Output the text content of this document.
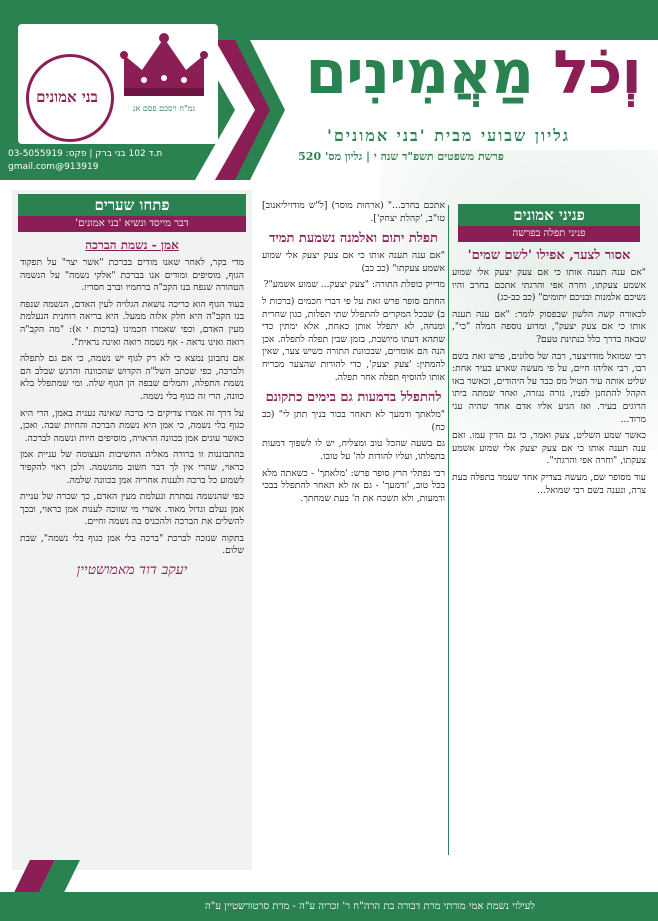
בני אמונים
גמ"ח ויסכם פסם אנ
וְכֹל מַאֲמִינִים
גליון שבועי מבית 'בני אמונים'
פרשת משפטים תשפ"ד שנה י | גליון מס' 520
ת.ד 102 בני ברק | פקס: 03-5055919
913919@gmail.com
פניני אמונים
פניני תפלה בפרשה
אסור לצער, אפילו 'לשם שמים'

"אם ענה תענה אותו כי אם צעק יצעק אלי שמוע אשמע צעקתו, וחרה אפי והרגתי אתכם בחרב והיו נשיכם אלמנות ובניכם יתומים" (כב כב-כג)

לכאורה קשה הלשון שבפסוק לומר: "אם ענה תענה אותו כי אם צעק יצעק", ומדוע נוספה המלה "כי", שבאה בדרך כלל כנתינת טעם?

רבי שמואל מודזיצער, רבה של סלונים, פרש זאת בשם רבו, רבי אליהו חיים, על פי מעשה שארע בעיר אחת: שליט אותה עיר הטיל מס כבד על היהודים, וכאשר באו הקהל להתחנן לפניו, גזרה נגזרה, ואחד שמתה ביתו הרוגים בעיר. ואז הגיע אליו אדם אחד שהיה עני מרוד...

כאשר שמע השליט, צעק ואמר, כי גם הדין עמו. ואם ענה תענה אותו כי אם צעק יצעק אלי שמוע אשמע צעקתו, "וחרה אפי והרגתי".

עוד מסופר שם, מעשה בצדיק אחד שעמד בתפלה בעת צרה, ונענה בשם רבי שמואל...

אתכם בחרב..." (ארחות מוסר) [ל"ש מודזיליאנוב] טו"ב, 'קהלת יצחק'].

תפלת יתום ואלמנה נשמעת תמיד

"אם ענה תענה אותו כי אם צעק יצעק אלי שמוע אשמע צעקתו" (כב כב)

מדייק כופלת התורה: "צעק יצעק... שמוע אשמע"?

החתם סופר פרש זאת על פי דברי חכמים (ברכות ל ב) שבכל המקרים להתפלל שתי תפלות, כגון שחרית ומנחה, לא יתפלל אותן כאחת, אלא ימתין כדי שתהא דעתו מיושבת, בזמן שבין תפלה לתפלה. אכן הנה הם אומרים, שבכוונת התורה כשיש צער, שאין להמתין: 'צעק יצעק', כדי להורות שהצער מכריח אותו להוסיף תפלה אחר תפלה.

להתפלל בדמעות גם בימים כתקונם

"מלאתך ודמעך לא תאחר בכור בניך תתן לי" (כב כח)

גם בשעה שהכל טוב ומצליח, יש לו לשפוך דמעות בתפלתו, ועליו להודות לה' על טובו.

רבי נפתלי הרץ סופר פרש: 'מלאתך' - כשאתה מלא בכל טוב, 'ודמעך' - גם אז לא תאחר להתפלל בבכי ודמעות, ולא תשכח את ה' בעת שמחתך.

פתחו שערים
דבר מייסד ונשיא 'בני אמונים'
אמן - נשמת הברכה

מדי בקר, לאחר שאנו מודים בברכת "אשר יצר" על תפקוד הגוף, מוסיפים ומודים אנו בברכת "אלקי נשמה" על הנשמה הטהורה שנפח בנו הקב"ה ברחמיו וברב חסדיו.

בעוד הגוף הוא כריכה נושאת הגלויה לעין האדם, הנשמה שנפח בנו הקב"ה היא חלק אלוה ממעל. היא בריאה רוחנית הנעלמת מעין האדם, וכפי שאמרו חכמינו (ברכות י א): "מה הקב"ה רואה ואינו נראה - אף נשמה רואה ואינה נראית".

אם נתבונן נמצא כי לא רק לגוף יש נשמה, כי אם גם לתפלה ולברכה, כפי שכתב השל"ה הקדוש שהכוונה והרגש שבלב הם נשמת התפלה, והמלים שבפה הן הגוף שלה. ומי שמתפלל בלא כוונה, הרי זה כגוף בלי נשמה.

על דרך זה אמרו צדיקים כי ברכה שאינה נענית באמן, הרי היא כגוף בלי נשמה, כי אמן היא נשמת הברכה והחיות שבה. ואכן, כאשר עונים אמן בכוונה הראויה, מוסיפים חיות ונשמה לברכה.

בהתבוננות זו ברורה מאליה החשיבות העצומה של עניית אמן כראוי, שהרי אין לך דבר חשוב מהנשמה. ולכן ראוי להקפיד לשמוע כל ברכה ולענות אחריה אמן בכוונה שלמה.

כפי שהנשמה נסתרת ונעלמת מעין האדם, כך שכרה של עניית אמן נעלם וגדול מאוד. אשרי מי שזוכה לענות אמן כראוי, ובכך להשלים את הברכה ולהכניס בה נשמה וחיים.

בתקוה שנזכה לברכת "ברכה בלי אמן כגוף בלי נשמה", שבת שלום.

יעקב דוד מאמושטיין
לעילוי נשמת אמי מורתי מרת דבורה בת הרה"ח ר' זכריה ע"ה - מרת סרטורשטיין ע"ה
